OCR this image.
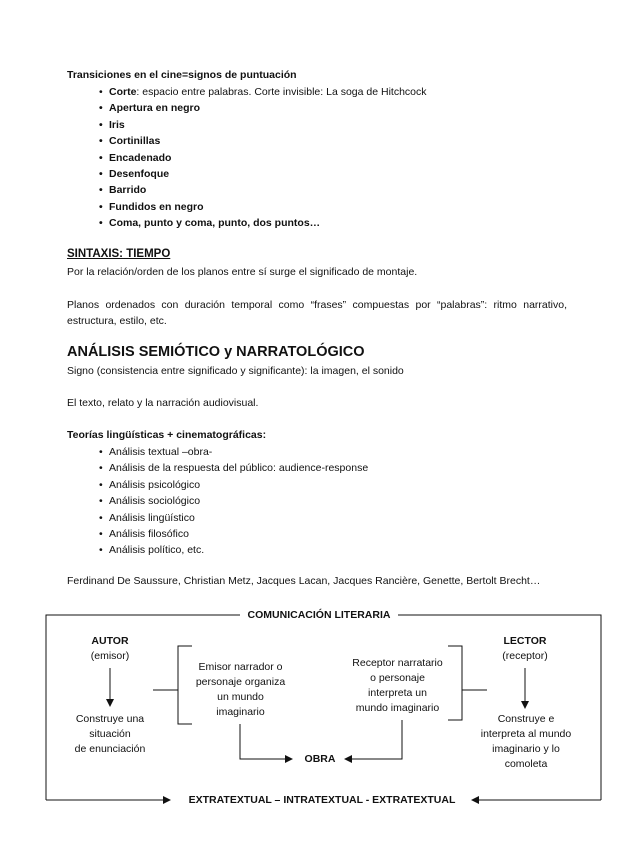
Transiciones en el cine=signos de puntuación
• Corte: espacio entre palabras. Corte invisible: La soga de Hitchcock
• Apertura en negro
• Iris
• Cortinillas
• Encadenado
• Desenfoque
• Barrido
• Fundidos en negro
• Coma, punto y coma, punto, dos puntos…
SINTAXIS: TIEMPO
Por la relación/orden de los planos entre sí surge el significado de montaje.
Planos ordenados con duración temporal como “frases” compuestas por “palabras”: ritmo narrativo, estructura, estilo, etc.
ANÁLISIS SEMIÓTICO y NARRATOLÓGICO
Signo (consistencia entre significado y significante): la imagen, el sonido
El texto, relato y la narración audiovisual.
Teorías lingüísticas + cinematográficas:
• Análisis textual –obra-
• Análisis de la respuesta del público: audience-response
• Análisis psicológico
• Análisis sociológico
• Análisis lingüístico
• Análisis filosófico
• Análisis político, etc.
Ferdinand De Saussure, Christian Metz, Jacques Lacan, Jacques Rancière, Genette, Bertolt Brecht…
COMUNICACIÓN LITERARIA
AUTOR
(emisor)
Construye una
situación
de enunciación
Emisor narrador o
personaje organiza
un mundo
imaginario
Receptor narratario
o personaje
interpreta un
mundo imaginario
LECTOR
(receptor)
Construye e
interpreta al mundo
imaginario y lo
comoleta
OBRA
EXTRATEXTUAL – INTRATEXTUAL - EXTRATEXTUAL
